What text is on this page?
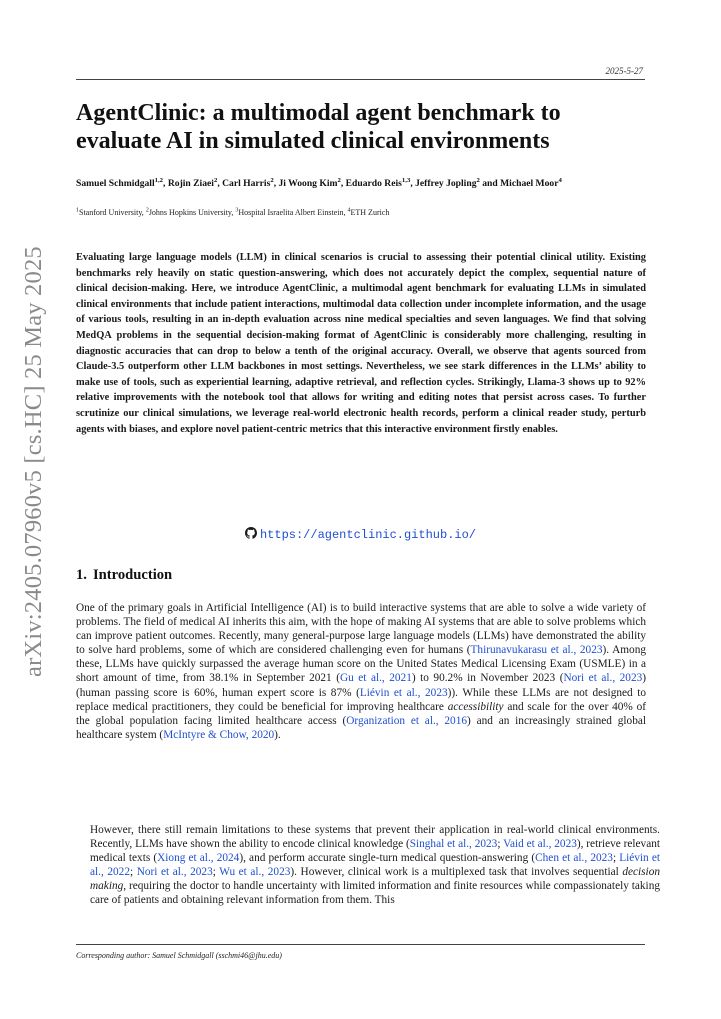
2025-5-27
arXiv:2405.07960v5 [cs.HC] 25 May 2025
AgentClinic: a multimodal agent benchmark to evaluate AI in simulated clinical environments
Samuel Schmidgall$^{1,2}$, Rojin Ziaei$^2$, Carl Harris$^2$, Ji Woong Kim$^2$, Eduardo Reis$^{1,3}$, Jeffrey Jopling$^2$ and Michael Moor$^4$
$^1$Stanford University, $^2$Johns Hopkins University, $^3$Hospital Israelita Albert Einstein, $^4$ETH Zurich

Evaluating large language models (LLM) in clinical scenarios is crucial to assessing their potential clinical utility. Existing benchmarks rely heavily on static question-answering, which does not accurately depict the complex, sequential nature of clinical decision-making. Here, we introduce AgentClinic, a multimodal agent benchmark for evaluating LLMs in simulated clinical environments that include patient interactions, multimodal data collection under incomplete information, and the usage of various tools, resulting in an in-depth evaluation across nine medical specialties and seven languages. We find that solving MedQA problems in the sequential decision-making format of AgentClinic is considerably more challenging, resulting in diagnostic accuracies that can drop to below a tenth of the original accuracy. Overall, we observe that agents sourced from Claude-3.5 outperform other LLM backbones in most settings. Nevertheless, we see stark differences in the LLMs’ ability to make use of tools, such as experiential learning, adaptive retrieval, and reflection cycles. Strikingly, Llama-3 shows up to 92% relative improvements with the notebook tool that allows for writing and editing notes that persist across cases. To further scrutinize our clinical simulations, we leverage real-world electronic health records, perform a clinical reader study, perturb agents with biases, and explore novel patient-centric metrics that this interactive environment firstly enables.

https://agentclinic.github.io/
1. Introduction

One of the primary goals in Artificial Intelligence (AI) is to build interactive systems that are able to solve a wide variety of problems. The field of medical AI inherits this aim, with the hope of making AI systems that are able to solve problems which can improve patient outcomes. Recently, many general-purpose large language models (LLMs) have demonstrated the ability to solve hard problems, some of which are considered challenging even for humans (Thirunavukarasu et al., 2023). Among these, LLMs have quickly surpassed the average human score on the United States Medical Licensing Exam (USMLE) in a short amount of time, from 38.1% in September 2021 (Gu et al., 2021) to 90.2% in November 2023 (Nori et al., 2023) (human passing score is 60%, human expert score is 87% (Liévin et al., 2023)). While these LLMs are not designed to replace medical practitioners, they could be beneficial for improving healthcare accessibility and scale for the over 40% of the global population facing limited healthcare access (Organization et al., 2016) and an increasingly strained global healthcare system (McIntyre & Chow, 2020).

However, there still remain limitations to these systems that prevent their application in real-world clinical environments. Recently, LLMs have shown the ability to encode clinical knowledge (Singhal et al., 2023; Vaid et al., 2023), retrieve relevant medical texts (Xiong et al., 2024), and perform accurate single-turn medical question-answering (Chen et al., 2023; Liévin et al., 2022; Nori et al., 2023; Wu et al., 2023). However, clinical work is a multiplexed task that involves sequential decision making, requiring the doctor to handle uncertainty with limited information and finite resources while compassionately taking care of patients and obtaining relevant information from them. This

Corresponding author: Samuel Schmidgall (sschmi46@jhu.edu)
